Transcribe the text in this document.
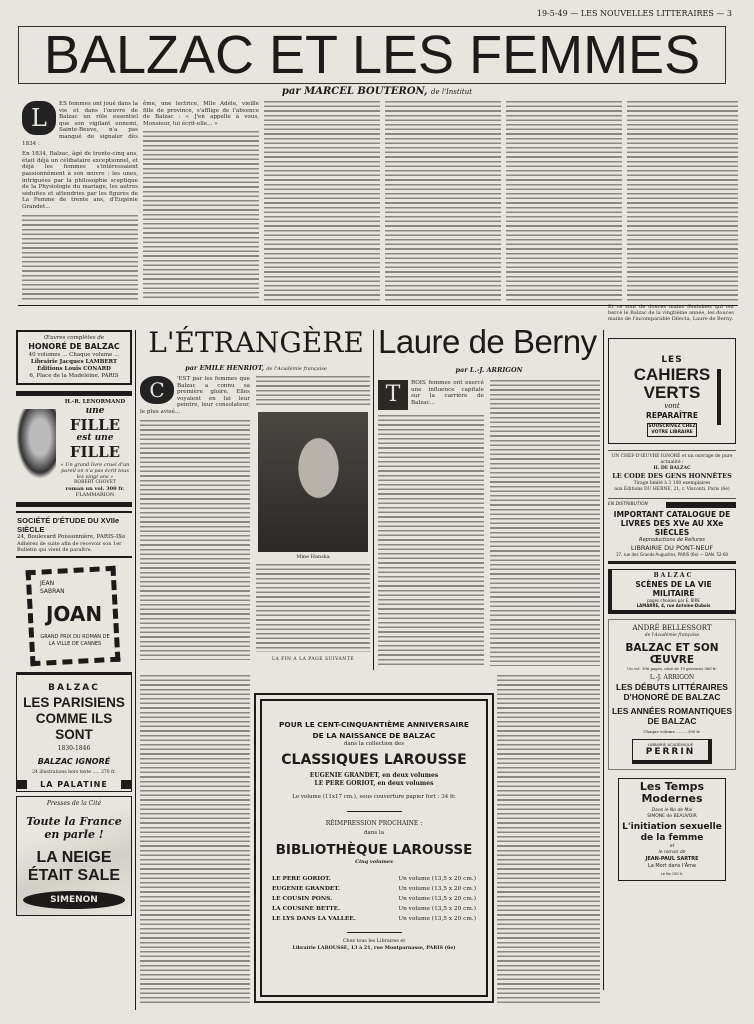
19-5-49 — LES NOUVELLES LITTERAIRES — 3
BALZAC ET LES FEMMES
par MARCEL BOUTERON, de l'Institut
L	ES femmes ont joué dans la vie et dans l'œuvre de Balzac un rôle essentiel que son vigilant ennemi, Sainte-Beuve, n'a pas manqué de signaler dès 1834 :
En 1834, Balzac, âgé de trente-cinq ans, était déjà un célibataire exceptionnel, et déjà les femmes s'intéressaient passionnément à son œuvre : les unes, intriguées par la philosophie sceptique de la Physiologie du mariage, les autres séduites et attendries par les figures de La Femme de trente ans, d'Eugénie Grandet...
ême, une lectrice, Mlle Adèle, vieille fille de province, s'afflige de l'absence de Balzac : « J'en appelle à vous, Monsieur, lui écrit-elle... »
Œuvres complètes de
HONORÉ DE BALZAC
40 volumes ... Chaque volume ...
Librairie Jacques LAMBERT
Éditions Louis CONARD
6, Place de la Madeleine, PARIS
H.-R. LENORMAND
une
FILLE
est une
FILLE
« Un grand livre cruel d'un pareil on n'a pas écrit tous les vingt ans »
ROBERT CHOVET
roman un vol. 300 fr.
FLAMMARION
SOCIÉTÉ D'ÉTUDE DU XVIIe SIÈCLE
24, Boulevard Poissonnière, PARIS-IXe
Adhérez de suite afin de recevoir son 1er Bulletin qui vient de paraître.
JEAN SABRAN
JOAN
GRAND PRIX DU ROMAN DE LA VILLE DE CANNES
BALZAC
LES PARISIENS COMME ILS SONT
1830-1846
BALZAC IGNORÉ
24 illustrations hors texte ..... 270 fr.
LA PALATINE
Presses de la Cité
Toute la France en parle !
LA NEIGE ÉTAIT SALE
SIMENON
L'ÉTRANGÈRE
par EMILE HENRIOT, de l'Académie française
C	'EST par les femmes que Balzac a connu sa première gloire. Elles voyaient en lui leur peintre, leur consolateur, le plus avisé...
Mme Hanska
LA FIN A LA PAGE SUIVANTE
Laure de Berny
par L.-J. ARRIGON
T	ROIS femmes ont exercé une influence capitale sur la carrière de Balzac...
Et ce sont de douces mains féminines qui ont bercé le Balzac de la vingtième année, les douces mains de l'incomparable Dilecta, Laure de Berny.
POUR LE CENT-CINQUANTIÈME ANNIVERSAIRE
DE LA NAISSANCE DE BALZAC
dans la collection des
CLASSIQUES LAROUSSE
EUGENIE GRANDET, en deux volumes
LE PERE GORIOT, en deux volumes
Le volume (11x17 cm.), sous couverture papier fort : 34 fr.
RÉIMPRESSION PROCHAINE :
dans la
BIBLIOTHÈQUE LAROUSSE
Cinq volumes
LE PERE GORIOT.	Un volume (13,5 x 20 cm.)
EUGENIE GRANDET.	Un volume (13,5 x 20 cm.)
LE COUSIN PONS.	Un volume (13,5 x 20 cm.)
LA COUSINE BETTE.	Un volume (13,5 x 20 cm.)
LE LYS DANS LA VALLEE.	Un volume (13,5 x 20 cm.)
Chez tous les Libraires et
Librairie LAROUSSE, 13 à 21, rue Montparnasse, PARIS (6e)
LES
CAHIERS
VERTS
vont
REPARAÎTRE
SOUSCRIVEZ CHEZ VOTRE LIBRAIRE
UN CHEF-D'ŒUVRE IGNORÉ et un ouvrage de pure actualité :
H. DE BALZAC
LE CODE DES GENS HONNÊTES
Tirage limité à 3 100 exemplaires
aux Éditions DU HERNE, 21, r. Visconti, Paris (6e)
EN DISTRIBUTION
IMPORTANT CATALOGUE DE LIVRES DES XVe AU XXe SIÈCLES
Reproductions de Reliures
LIBRAIRIE DU PONT-NEUF
17, rue des Grands-Augustins, PARIS (6e) — DAN. 52-60
BALZAC
SCÈNES DE LA VIE MILITAIRE
pages choisies par E. BIRE
LAMARRE, 4, rue Antoine-Dubois
ANDRÉ BELLESSORT
de l'Académie française
BALZAC ET SON ŒUVRE
Un vol. 396 pages, orné de 19 gravures 360 fr.
L.-J. ARRIGON
LES DÉBUTS LITTÉRAIRES D'HONORÉ DE BALZAC
LES ANNÉES ROMANTIQUES DE BALZAC
Chaque volume ........ 390 fr.
LIBRAIRIE ACADÉMIQUE
PERRIN
Les Temps Modernes
Dans le No de Mai
SIMONE de BEAUVOIR
L'initiation sexuelle de la femme
et
le roman de
JEAN-PAUL SARTRE
La Mort dans l'Âme
Le No 150 fr.
